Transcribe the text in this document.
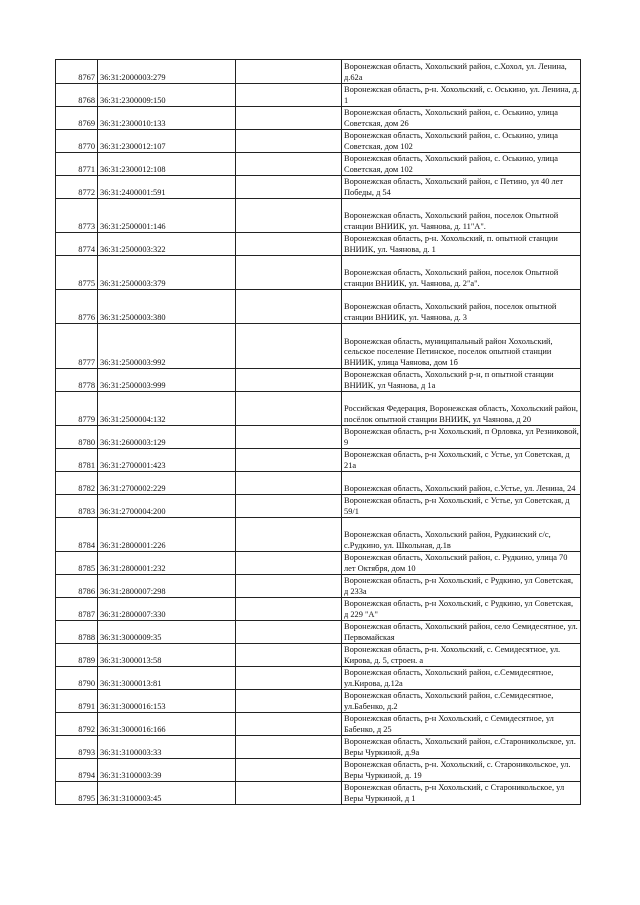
8767	36:31:2000003:279		Воронежская область, Хохольский район, с.Хохол, ул. Ленина, д.62а

8768	36:31:2300009:150		Воронежская область, р-н. Хохольский, с. Оськино, ул. Ленина, д. 1

8769	36:31:2300010:133		Воронежская область, Хохольский район, с. Оськино, улица Советская, дом 26

8770	36:31:2300012:107		Воронежская область, Хохольский район, с. Оськино, улица Советская, дом 102

8771	36:31:2300012:108		Воронежская область, Хохольский район, с. Оськино, улица Советская, дом 102

8772	36:31:2400001:591		Воронежская область, Хохольский район, с Петино, ул 40 лет Победы, д 54

8773	36:31:2500001:146		Воронежская область, Хохольский район, поселок Опытной станции ВНИИК, ул. Чаянова, д. 11"А".

8774	36:31:2500003:322		Воронежская область, р-н. Хохольский, п. опытной станции ВНИИК, ул. Чаянова, д. 1

8775	36:31:2500003:379		Воронежская область, Хохольский район, поселок Опытной станции ВНИИК, ул. Чаянова, д. 2"а".

8776	36:31:2500003:380		Воронежская область, Хохольский район, поселок опытной станции ВНИИК, ул. Чаянова, д. 3

8777	36:31:2500003:992		Воронежская область, муниципальный район Хохольский, сельское поселение Петинское, поселок опытной станции ВНИИК, улица Чаянова, дом 1б

8778	36:31:2500003:999		Воронежская область, Хохольский р-н, п опытной станции ВНИИК, ул Чаянова, д 1а

8779	36:31:2500004:132		Российская Федерация, Воронежская область, Хохольский район, посёлок опытной станции ВНИИК, ул Чаянова, д 20

8780	36:31:2600003:129		Воронежская область, р-н Хохольский, п Орловка, ул Резниковой, 9

8781	36:31:2700001:423		Воронежская область, р-н Хохольский, с Устье, ул Советская, д 21а

8782	36:31:2700002:229		Воронежская область, Хохольский район, с.Устье, ул. Ленина, 24

8783	36:31:2700004:200		Воронежская область, р-н Хохольский, с Устье, ул Советская, д 59/1

8784	36:31:2800001:226		Воронежская область, Хохольский район, Рудкинский с/с, с.Рудкино, ул. Школьная, д.1в

8785	36:31:2800001:232		Воронежская область, Хохольский район, с. Рудкино, улица 70 лет Октября, дом 10

8786	36:31:2800007:298		Воронежская область, р-н Хохольский, с Рудкино, ул Советская, д 233а

8787	36:31:2800007:330		Воронежская область, р-н Хохольский, с Рудкино, ул Советская, д 229 "А"

8788	36:31:3000009:35		Воронежская область, Хохольский район, село Семидесятное, ул. Первомайская

8789	36:31:3000013:58		Воронежская область, р-н. Хохольский, с. Семидесятное, ул. Кирова, д. 5, строен. а

8790	36:31:3000013:81		Воронежская область, Хохольский район, с.Семидесятное, ул.Кирова, д.12а

8791	36:31:3000016:153		Воронежская область, Хохольский район, с.Семидесятное, ул.Бабенко, д.2

8792	36:31:3000016:166		Воронежская область, р-н Хохольский, с Семидесятное, ул Бабенко, д 25

8793	36:31:3100003:33		Воронежская область, Хохольский район, с.Староникольское, ул. Веры Чуркиной, д.9а

8794	36:31:3100003:39		Воронежская область, р-н. Хохольский, с. Староникольское, ул. Веры Чуркиной, д. 19

8795	36:31:3100003:45		Воронежская область, р-н Хохольский, с Староникольское, ул Веры Чуркиной, д 1
